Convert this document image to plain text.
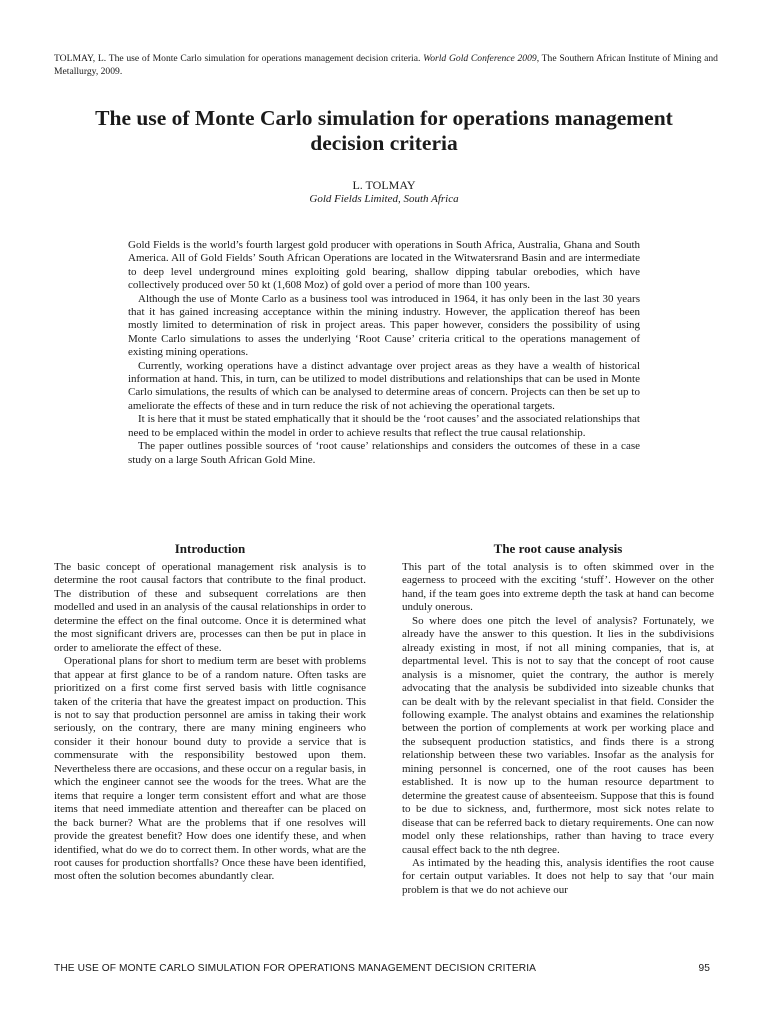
TOLMAY, L. The use of Monte Carlo simulation for operations management decision criteria. World Gold Conference 2009, The Southern African Institute of Mining and Metallurgy, 2009.
The use of Monte Carlo simulation for operations management decision criteria
L. TOLMAY
Gold Fields Limited, South Africa

Gold Fields is the world’s fourth largest gold producer with operations in South Africa, Australia, Ghana and South America. All of Gold Fields’ South African Operations are located in the Witwatersrand Basin and are intermediate to deep level underground mines exploiting gold bearing, shallow dipping tabular orebodies, which have collectively produced over 50 kt (1,608 Moz) of gold over a period of more than 100 years.

Although the use of Monte Carlo as a business tool was introduced in 1964, it has only been in the last 30 years that it has gained increasing acceptance within the mining industry. However, the application thereof has been mostly limited to determination of risk in project areas. This paper however, considers the possibility of using Monte Carlo simulations to asses the underlying ‘Root Cause’ criteria critical to the operations management of existing mining operations.

Currently, working operations have a distinct advantage over project areas as they have a wealth of historical information at hand. This, in turn, can be utilized to model distributions and relationships that can be used in Monte Carlo simulations, the results of which can be analysed to determine areas of concern. Projects can then be set up to ameliorate the effects of these and in turn reduce the risk of not achieving the operational targets.

It is here that it must be stated emphatically that it should be the ‘root causes’ and the associated relationships that need to be emplaced within the model in order to achieve results that reflect the true causal relationship.

The paper outlines possible sources of ‘root cause’ relationships and considers the outcomes of these in a case study on a large South African Gold Mine.

Introduction

The basic concept of operational management risk analysis is to determine the root causal factors that contribute to the final product. The distribution of these and subsequent correlations are then modelled and used in an analysis of the causal relationships in order to determine the effect on the final outcome. Once it is determined what the most significant drivers are, processes can then be put in place in order to ameliorate the effect of these.

Operational plans for short to medium term are beset with problems that appear at first glance to be of a random nature. Often tasks are prioritized on a first come first served basis with little cognisance taken of the criteria that have the greatest impact on production. This is not to say that production personnel are amiss in taking their work seriously, on the contrary, there are many mining engineers who consider it their honour bound duty to provide a service that is commensurate with the responsibility bestowed upon them. Nevertheless there are occasions, and these occur on a regular basis, in which the engineer cannot see the woods for the trees. What are the items that require a longer term consistent effort and what are those items that need immediate attention and thereafter can be placed on the back burner? What are the problems that if one resolves will provide the greatest benefit? How does one identify these, and when identified, what do we do to correct them. In other words, what are the root causes for production shortfalls? Once these have been identified, most often the solution becomes abundantly clear.

The root cause analysis

This part of the total analysis is to often skimmed over in the eagerness to proceed with the exciting ‘stuff’. However on the other hand, if the team goes into extreme depth the task at hand can become unduly onerous.

So where does one pitch the level of analysis? Fortunately, we already have the answer to this question. It lies in the subdivisions already existing in most, if not all mining companies, that is, at departmental level. This is not to say that the concept of root cause analysis is a misnomer, quiet the contrary, the author is merely advocating that the analysis be subdivided into sizeable chunks that can be dealt with by the relevant specialist in that field. Consider the following example. The analyst obtains and examines the relationship between the portion of complements at work per working place and the subsequent production statistics, and finds there is a strong relationship between these two variables. Insofar as the analysis for mining personnel is concerned, one of the root causes has been established. It is now up to the human resource department to determine the greatest cause of absenteeism. Suppose that this is found to be due to sickness, and, furthermore, most sick notes relate to disease that can be referred back to dietary requirements. One can now model only these relationships, rather than having to trace every causal effect back to the nth degree.

As intimated by the heading this, analysis identifies the root cause for certain output variables. It does not help to say that ‘our main problem is that we do not achieve our

THE USE OF MONTE CARLO SIMULATION FOR OPERATIONS MANAGEMENT DECISION CRITERIA	95
